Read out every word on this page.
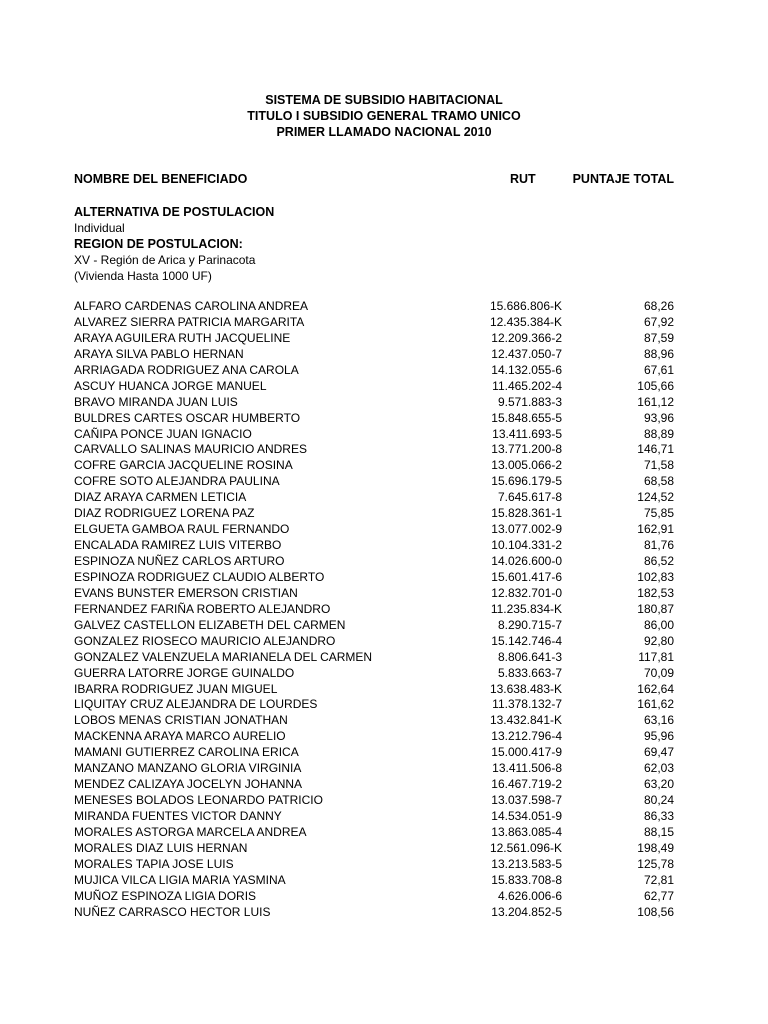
SISTEMA DE SUBSIDIO HABITACIONAL
TITULO I SUBSIDIO GENERAL TRAMO UNICO
PRIMER LLAMADO NACIONAL 2010
NOMBRE DEL BENEFICIADO	RUT	PUNTAJE TOTAL
ALTERNATIVA DE POSTULACION
Individual
REGION DE POSTULACION:
XV - Región de Arica y Parinacota
(Vivienda Hasta 1000 UF)
ALFARO CARDENAS CAROLINA ANDREA	15.686.806-K	68,26
ALVAREZ SIERRA PATRICIA MARGARITA	12.435.384-K	67,92
ARAYA AGUILERA RUTH JACQUELINE	12.209.366-2	87,59
ARAYA SILVA PABLO HERNAN	12.437.050-7	88,96
ARRIAGADA RODRIGUEZ ANA CAROLA	14.132.055-6	67,61
ASCUY HUANCA JORGE MANUEL	11.465.202-4	105,66
BRAVO MIRANDA JUAN LUIS	9.571.883-3	161,12
BULDRES CARTES OSCAR HUMBERTO	15.848.655-5	93,96
CAÑIPA PONCE JUAN IGNACIO	13.411.693-5	88,89
CARVALLO SALINAS MAURICIO ANDRES	13.771.200-8	146,71
COFRE GARCIA JACQUELINE ROSINA	13.005.066-2	71,58
COFRE SOTO ALEJANDRA PAULINA	15.696.179-5	68,58
DIAZ ARAYA CARMEN LETICIA	7.645.617-8	124,52
DIAZ RODRIGUEZ LORENA PAZ	15.828.361-1	75,85
ELGUETA GAMBOA RAUL FERNANDO	13.077.002-9	162,91
ENCALADA RAMIREZ LUIS VITERBO	10.104.331-2	81,76
ESPINOZA NUÑEZ CARLOS ARTURO	14.026.600-0	86,52
ESPINOZA RODRIGUEZ CLAUDIO ALBERTO	15.601.417-6	102,83
EVANS BUNSTER EMERSON CRISTIAN	12.832.701-0	182,53
FERNANDEZ FARIÑA ROBERTO ALEJANDRO	11.235.834-K	180,87
GALVEZ CASTELLON ELIZABETH DEL CARMEN	8.290.715-7	86,00
GONZALEZ RIOSECO MAURICIO ALEJANDRO	15.142.746-4	92,80
GONZALEZ VALENZUELA MARIANELA DEL CARMEN	8.806.641-3	117,81
GUERRA LATORRE JORGE GUINALDO	5.833.663-7	70,09
IBARRA RODRIGUEZ JUAN MIGUEL	13.638.483-K	162,64
LIQUITAY CRUZ ALEJANDRA DE LOURDES	11.378.132-7	161,62
LOBOS MENAS CRISTIAN JONATHAN	13.432.841-K	63,16
MACKENNA ARAYA MARCO AURELIO	13.212.796-4	95,96
MAMANI GUTIERREZ CAROLINA ERICA	15.000.417-9	69,47
MANZANO MANZANO GLORIA VIRGINIA	13.411.506-8	62,03
MENDEZ CALIZAYA JOCELYN JOHANNA	16.467.719-2	63,20
MENESES BOLADOS LEONARDO PATRICIO	13.037.598-7	80,24
MIRANDA FUENTES VICTOR DANNY	14.534.051-9	86,33
MORALES ASTORGA MARCELA ANDREA	13.863.085-4	88,15
MORALES DIAZ LUIS HERNAN	12.561.096-K	198,49
MORALES TAPIA JOSE LUIS	13.213.583-5	125,78
MUJICA VILCA LIGIA MARIA YASMINA	15.833.708-8	72,81
MUÑOZ ESPINOZA LIGIA DORIS	4.626.006-6	62,77
NUÑEZ CARRASCO HECTOR LUIS	13.204.852-5	108,56
